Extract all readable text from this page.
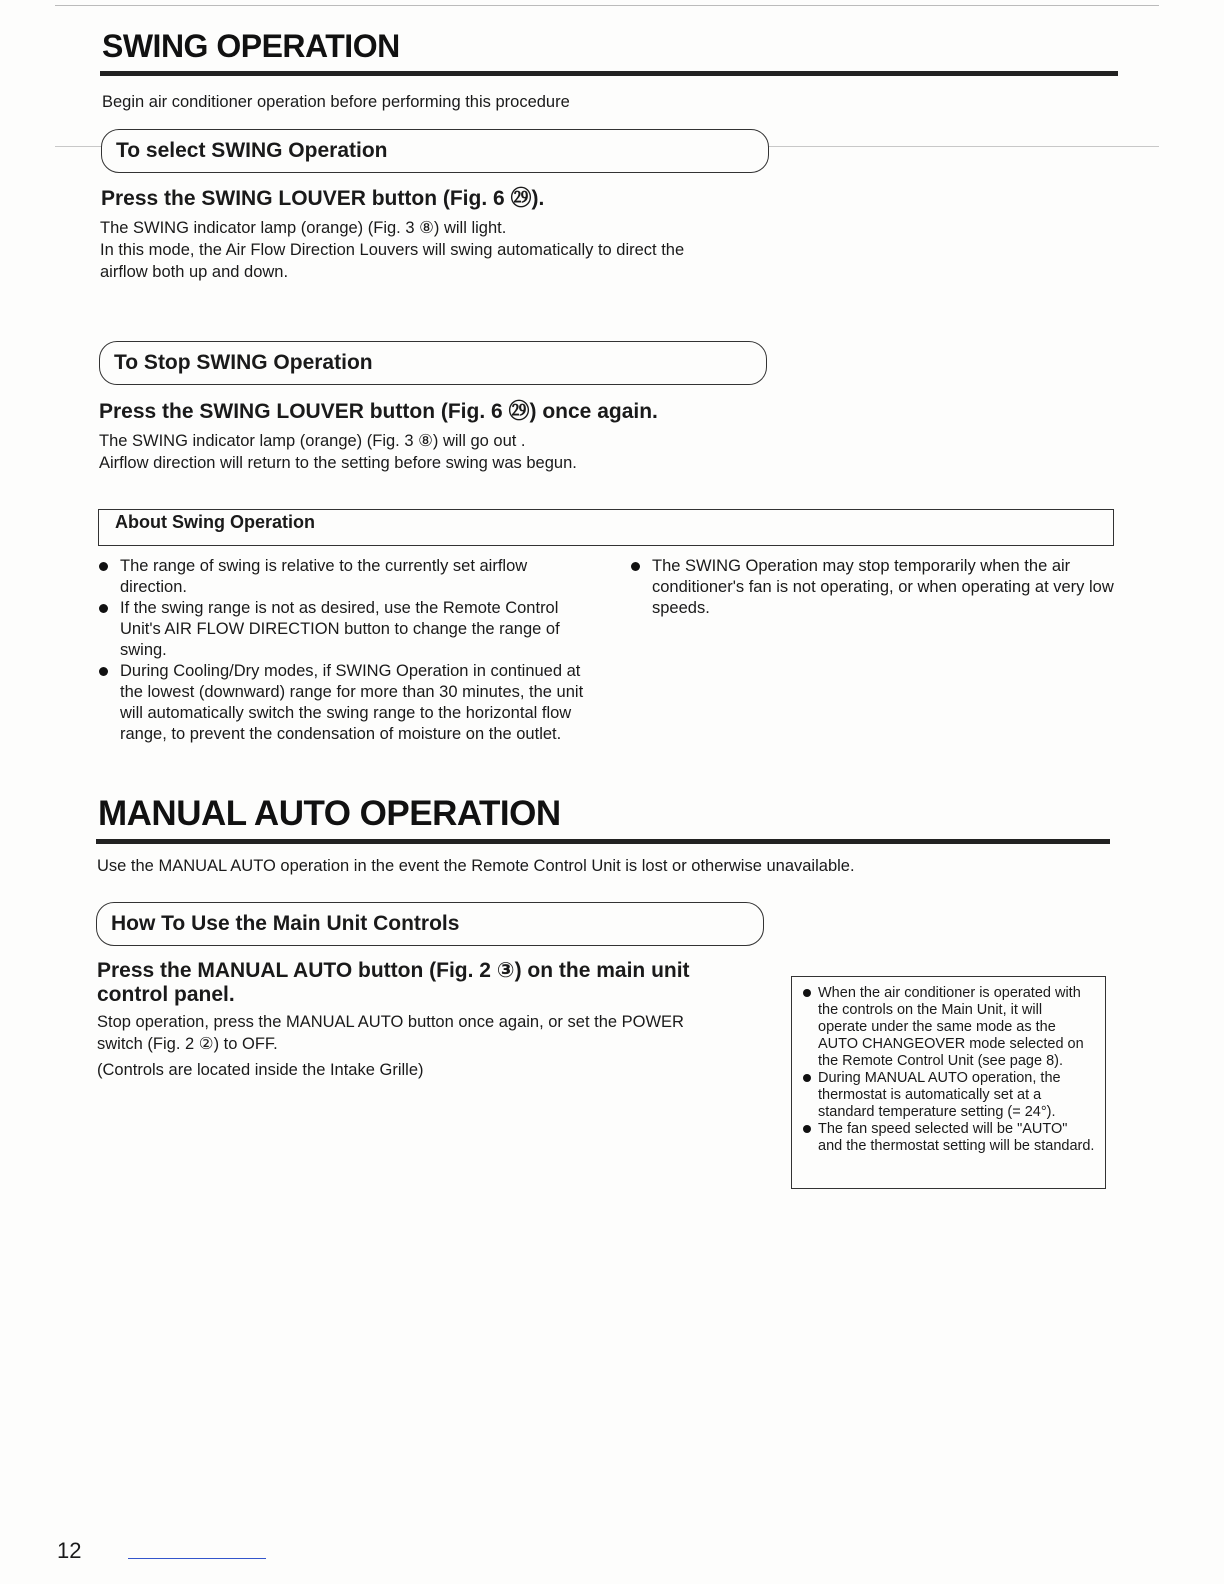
SWING OPERATION
Begin air conditioner operation before performing this procedure
To select SWING Operation
Press the SWING LOUVER button (Fig. 6 ㉙).
The SWING indicator lamp (orange) (Fig. 3 ⑧) will light.
In this mode, the Air Flow Direction Louvers will swing automatically to direct the
airflow both up and down.
To Stop SWING Operation
Press the SWING LOUVER button (Fig. 6 ㉙) once again.
The SWING indicator lamp (orange) (Fig. 3 ⑧) will go out .
Airflow direction will return to the setting before swing was begun.
About Swing Operation
The range of swing is relative to the currently set airflow direction.
If the swing range is not as desired, use the Remote Control Unit's AIR FLOW DIRECTION button to change the range of swing.
During Cooling/Dry modes, if SWING Operation in continued at the lowest (downward) range for more than 30 minutes, the unit will automatically switch the swing range to the horizontal flow range, to prevent the condensation of moisture on the outlet.
The SWING Operation may stop temporarily when the air conditioner's fan is not operating, or when operating at very low speeds.
MANUAL AUTO OPERATION
Use the MANUAL AUTO operation in the event the Remote Control Unit is lost or otherwise unavailable.
How To Use the Main Unit Controls
Press the MANUAL AUTO button (Fig. 2 ③) on the main unit
control panel.
Stop operation, press the MANUAL AUTO button once again, or set the POWER
switch (Fig. 2 ②) to OFF.
(Controls are located inside the Intake Grille)
When the air conditioner is operated with the controls on the Main Unit, it will operate under the same mode as the AUTO CHANGEOVER mode selected on the Remote Control Unit (see page 8).
During MANUAL AUTO operation, the thermostat is automatically set at a standard temperature setting (= 24°).
The fan speed selected will be "AUTO" and the thermostat setting will be standard.
12
